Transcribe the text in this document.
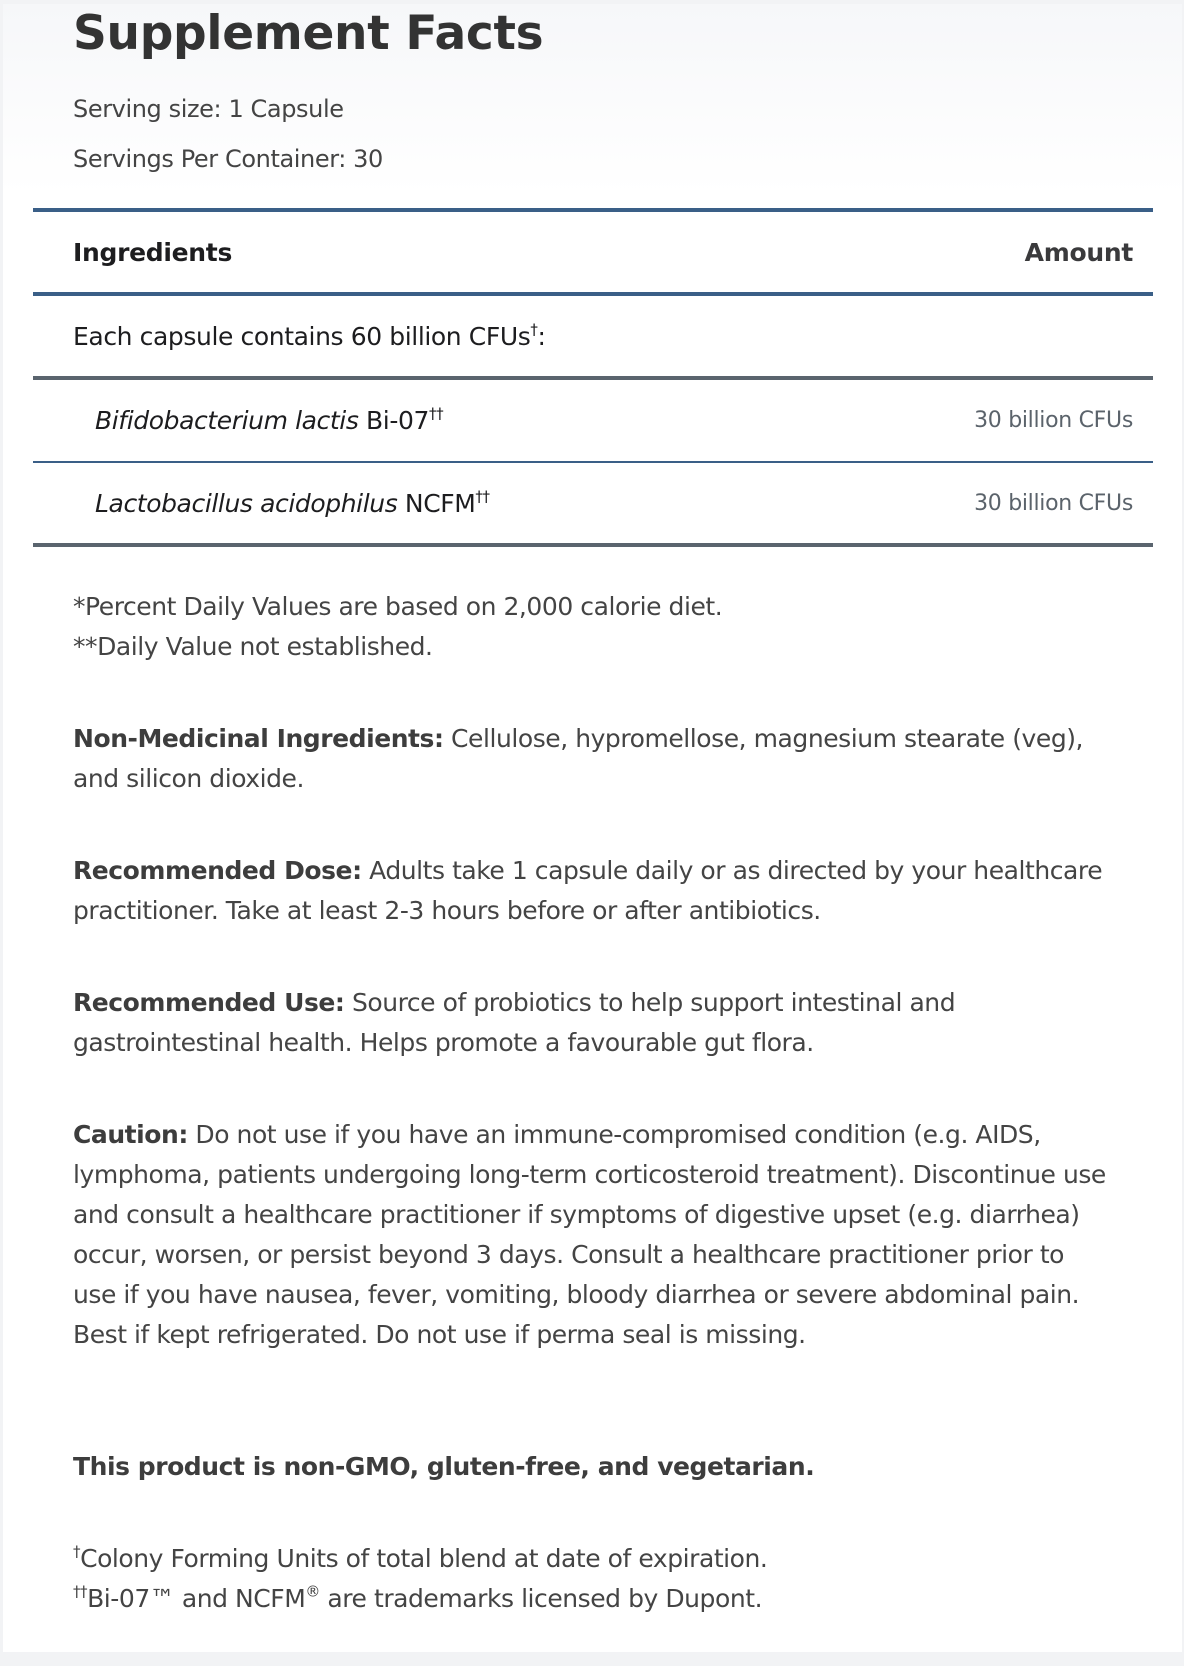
Supplement Facts
Serving size: 1 Capsule
Servings Per Container: 30
Ingredients	Amount
Each capsule contains 60 billion CFUs†:
Bifidobacterium lactis Bi-07††	30 billion CFUs
Lactobacillus acidophilus NCFM††	30 billion CFUs
*Percent Daily Values are based on 2,000 calorie diet.
**Daily Value not established.
Non-Medicinal Ingredients: Cellulose, hypromellose, magnesium stearate (veg), and silicon dioxide.
Recommended Dose: Adults take 1 capsule daily or as directed by your healthcare practitioner. Take at least 2-3 hours before or after antibiotics.
Recommended Use: Source of probiotics to help support intestinal and gastrointestinal health. Helps promote a favourable gut flora.
Caution: Do not use if you have an immune-compromised condition (e.g. AIDS, lymphoma, patients undergoing long-term corticosteroid treatment). Discontinue use and consult a healthcare practitioner if symptoms of digestive upset (e.g. diarrhea) occur, worsen, or persist beyond 3 days. Consult a healthcare practitioner prior to use if you have nausea, fever, vomiting, bloody diarrhea or severe abdominal pain. Best if kept refrigerated. Do not use if perma seal is missing.
This product is non-GMO, gluten-free, and vegetarian.
†Colony Forming Units of total blend at date of expiration.
††Bi-07™ and NCFM® are trademarks licensed by Dupont.
